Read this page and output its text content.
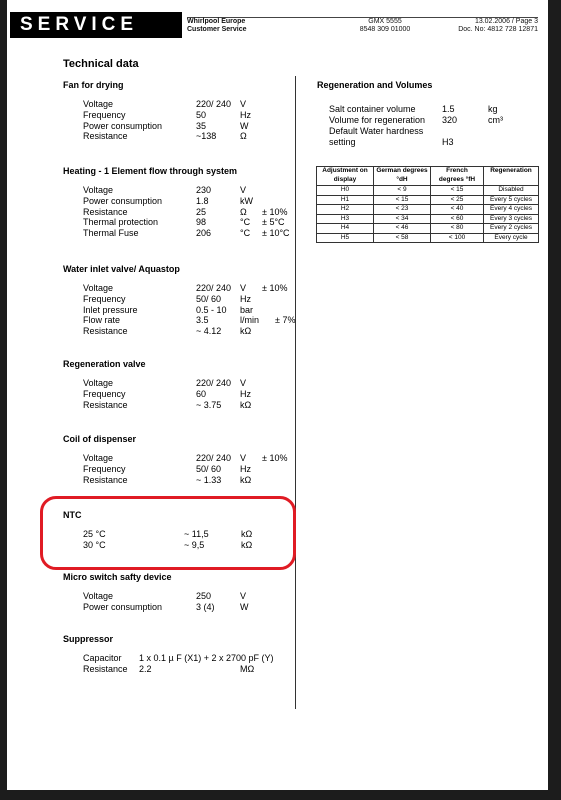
SERVICE	Whirlpool Europe
Customer Service
GMX 5555
8548 309 01000
13.02.2006 / Page 3
Doc. No: 4812 728 12871
Technical data
Fan for drying
Voltage	220/ 240 V
Frequency	50	Hz
Power consumption	35	W
Resistance	~138	Ω
Heating - 1 Element flow through system
Voltage	230	V
Power consumption	1.8	kW
Resistance	25	Ω ± 10%
Thermal protection	98	°C ± 5°C
Thermal Fuse	206	°C ± 10°C
Water inlet valve/ Aquastop
Voltage	220/ 240 V ± 10%
Frequency	50/ 60 Hz
Inlet pressure	0.5 - 10 bar
Flow rate	3.5	l/min ± 7%
Resistance	~ 4.12 kΩ
Regeneration valve
Voltage	220/ 240 V
Frequency	60	Hz
Resistance	~ 3.75 kΩ
Coil of dispenser
Voltage	220/ 240 V ± 10%
Frequency	50/ 60 Hz
Resistance	~ 1.33 kΩ
NTC
25 °C	~ 11,5	kΩ
30 °C	~ 9,5	kΩ
Micro switch safty device
Voltage	250	V
Power consumption	3 (4)	W
Suppressor
Capacitor 1 x 0.1 µ F (X1) + 2 x 2700 pF (Y)
Resistance 2.2	MΩ
Regeneration and Volumes
Salt container volume	1.5	kg
Volume for regeneration 320	cm³
Default Water hardness
setting	H3
Adjustment on display	German degrees °dH	French degrees °fH	Regeneration
H0	< 9	< 15	Disabled
H1	< 15	< 25	Every 5 cycles
H2	< 23	< 40	Every 4 cycles
H3	< 34	< 60	Every 3 cycles
H4	< 46	< 80	Every 2 cycles
H5	< 58	< 100	Every cycle
